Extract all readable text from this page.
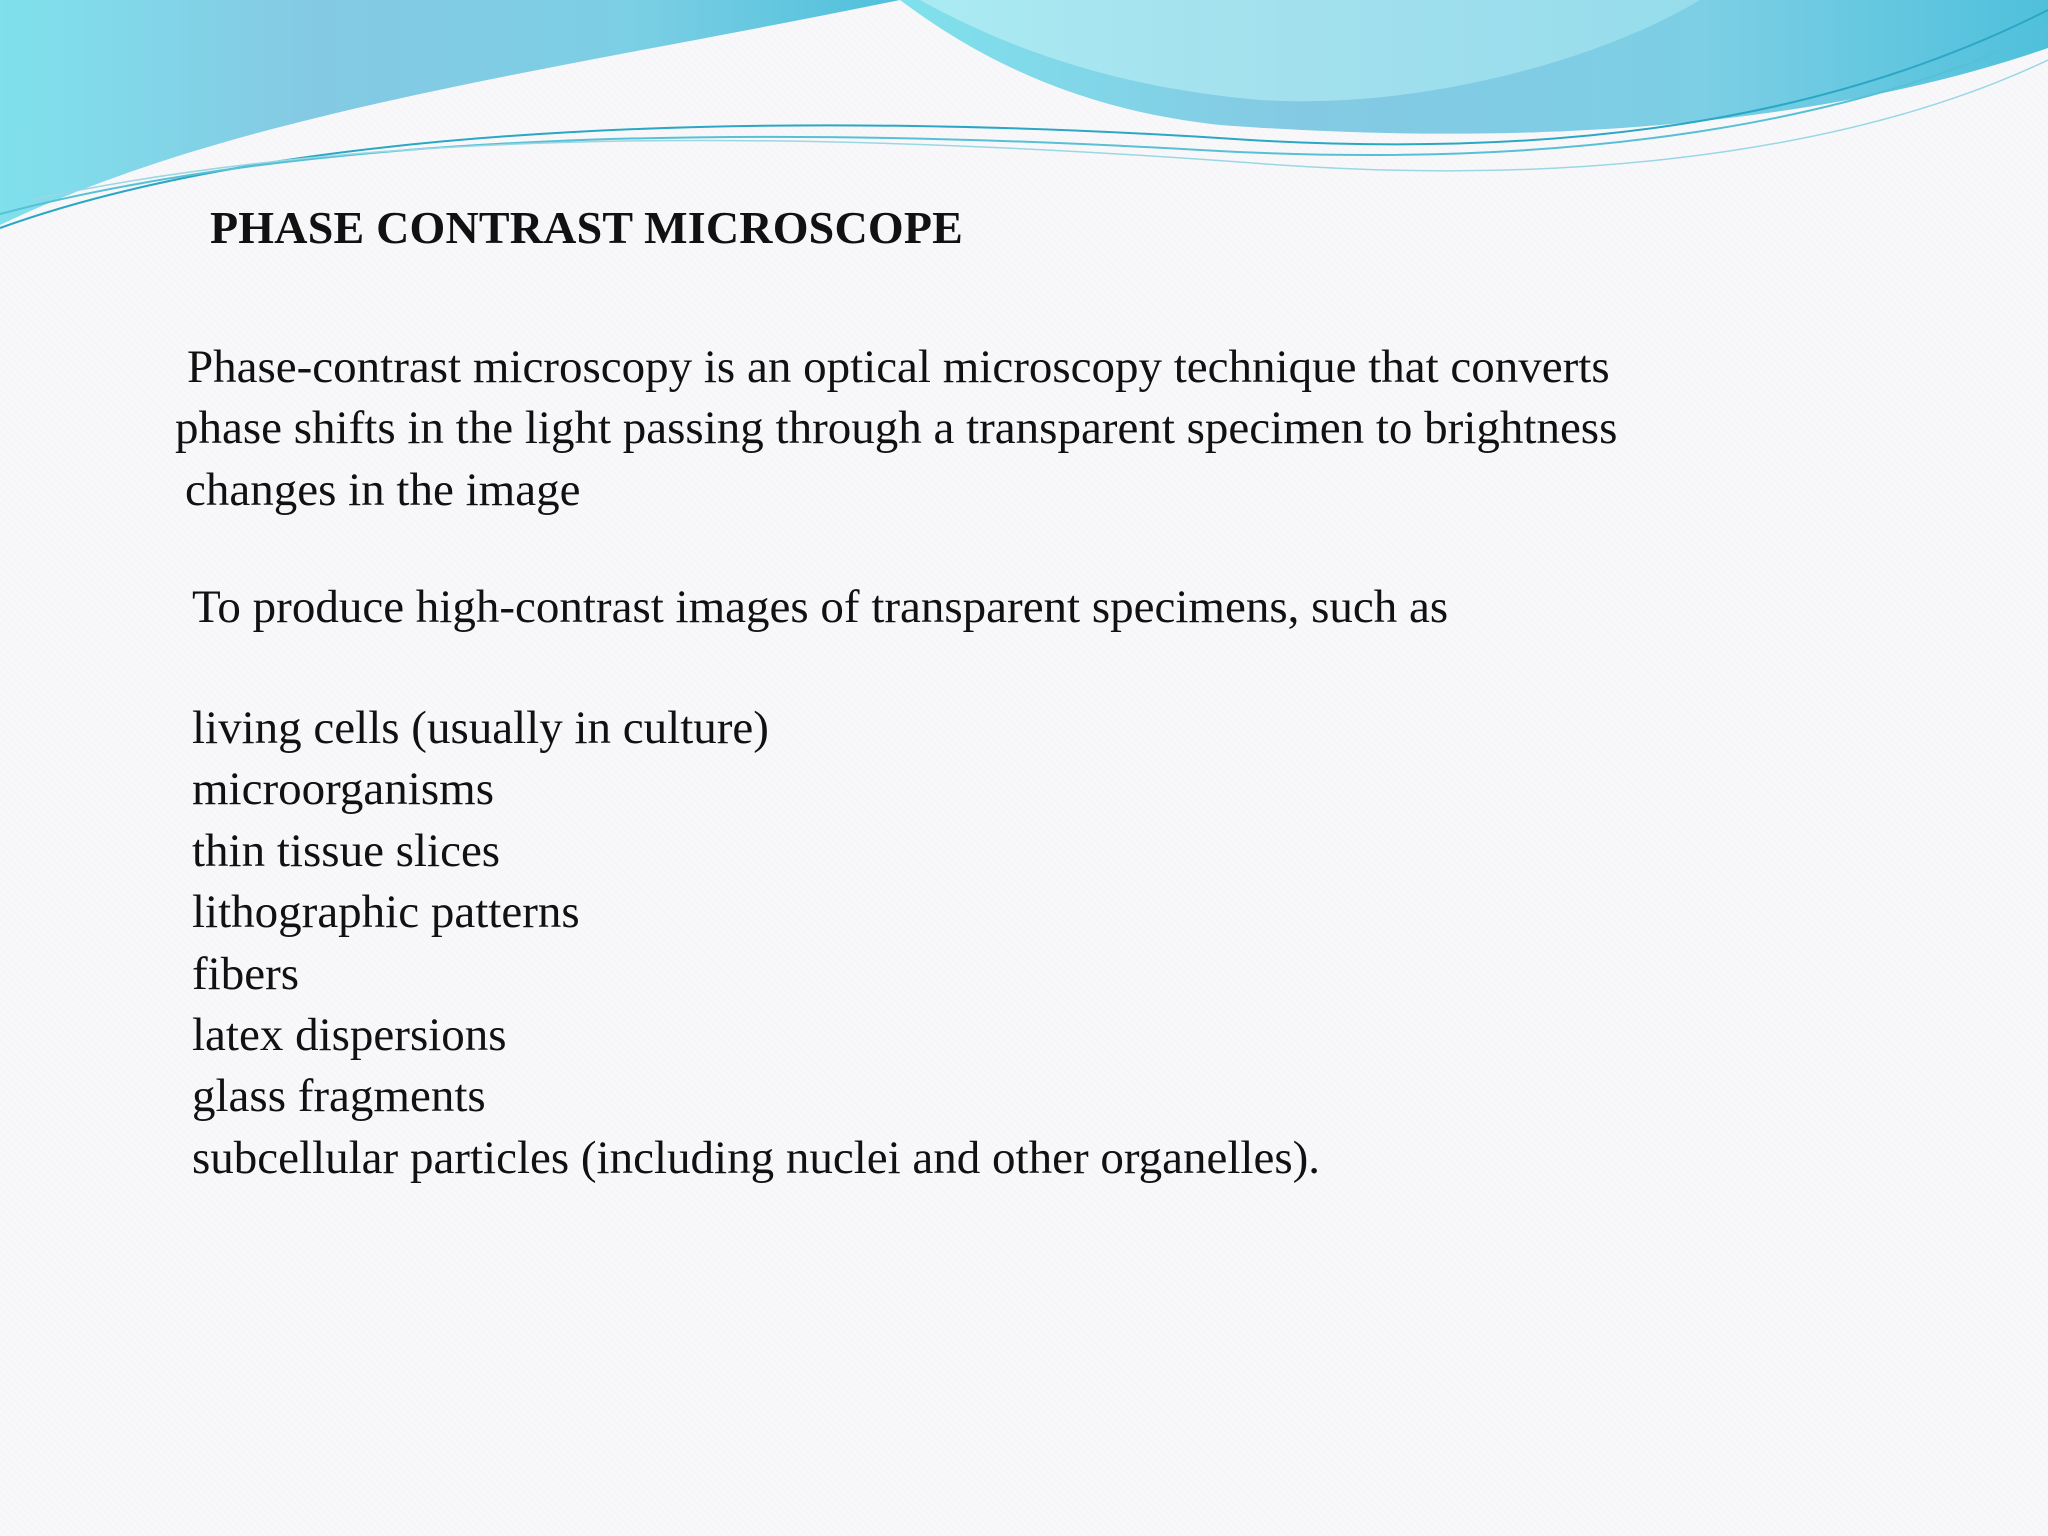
PHASE CONTRAST MICROSCOPE

Phase-contrast microscopy is an optical microscopy technique that converts

phase shifts in the light passing through a transparent specimen to brightness

changes in the image

To produce high-contrast images of transparent specimens, such as

living cells (usually in culture)

microorganisms

thin tissue slices

lithographic patterns

fibers

latex dispersions

glass fragments

subcellular particles (including nuclei and other organelles).
